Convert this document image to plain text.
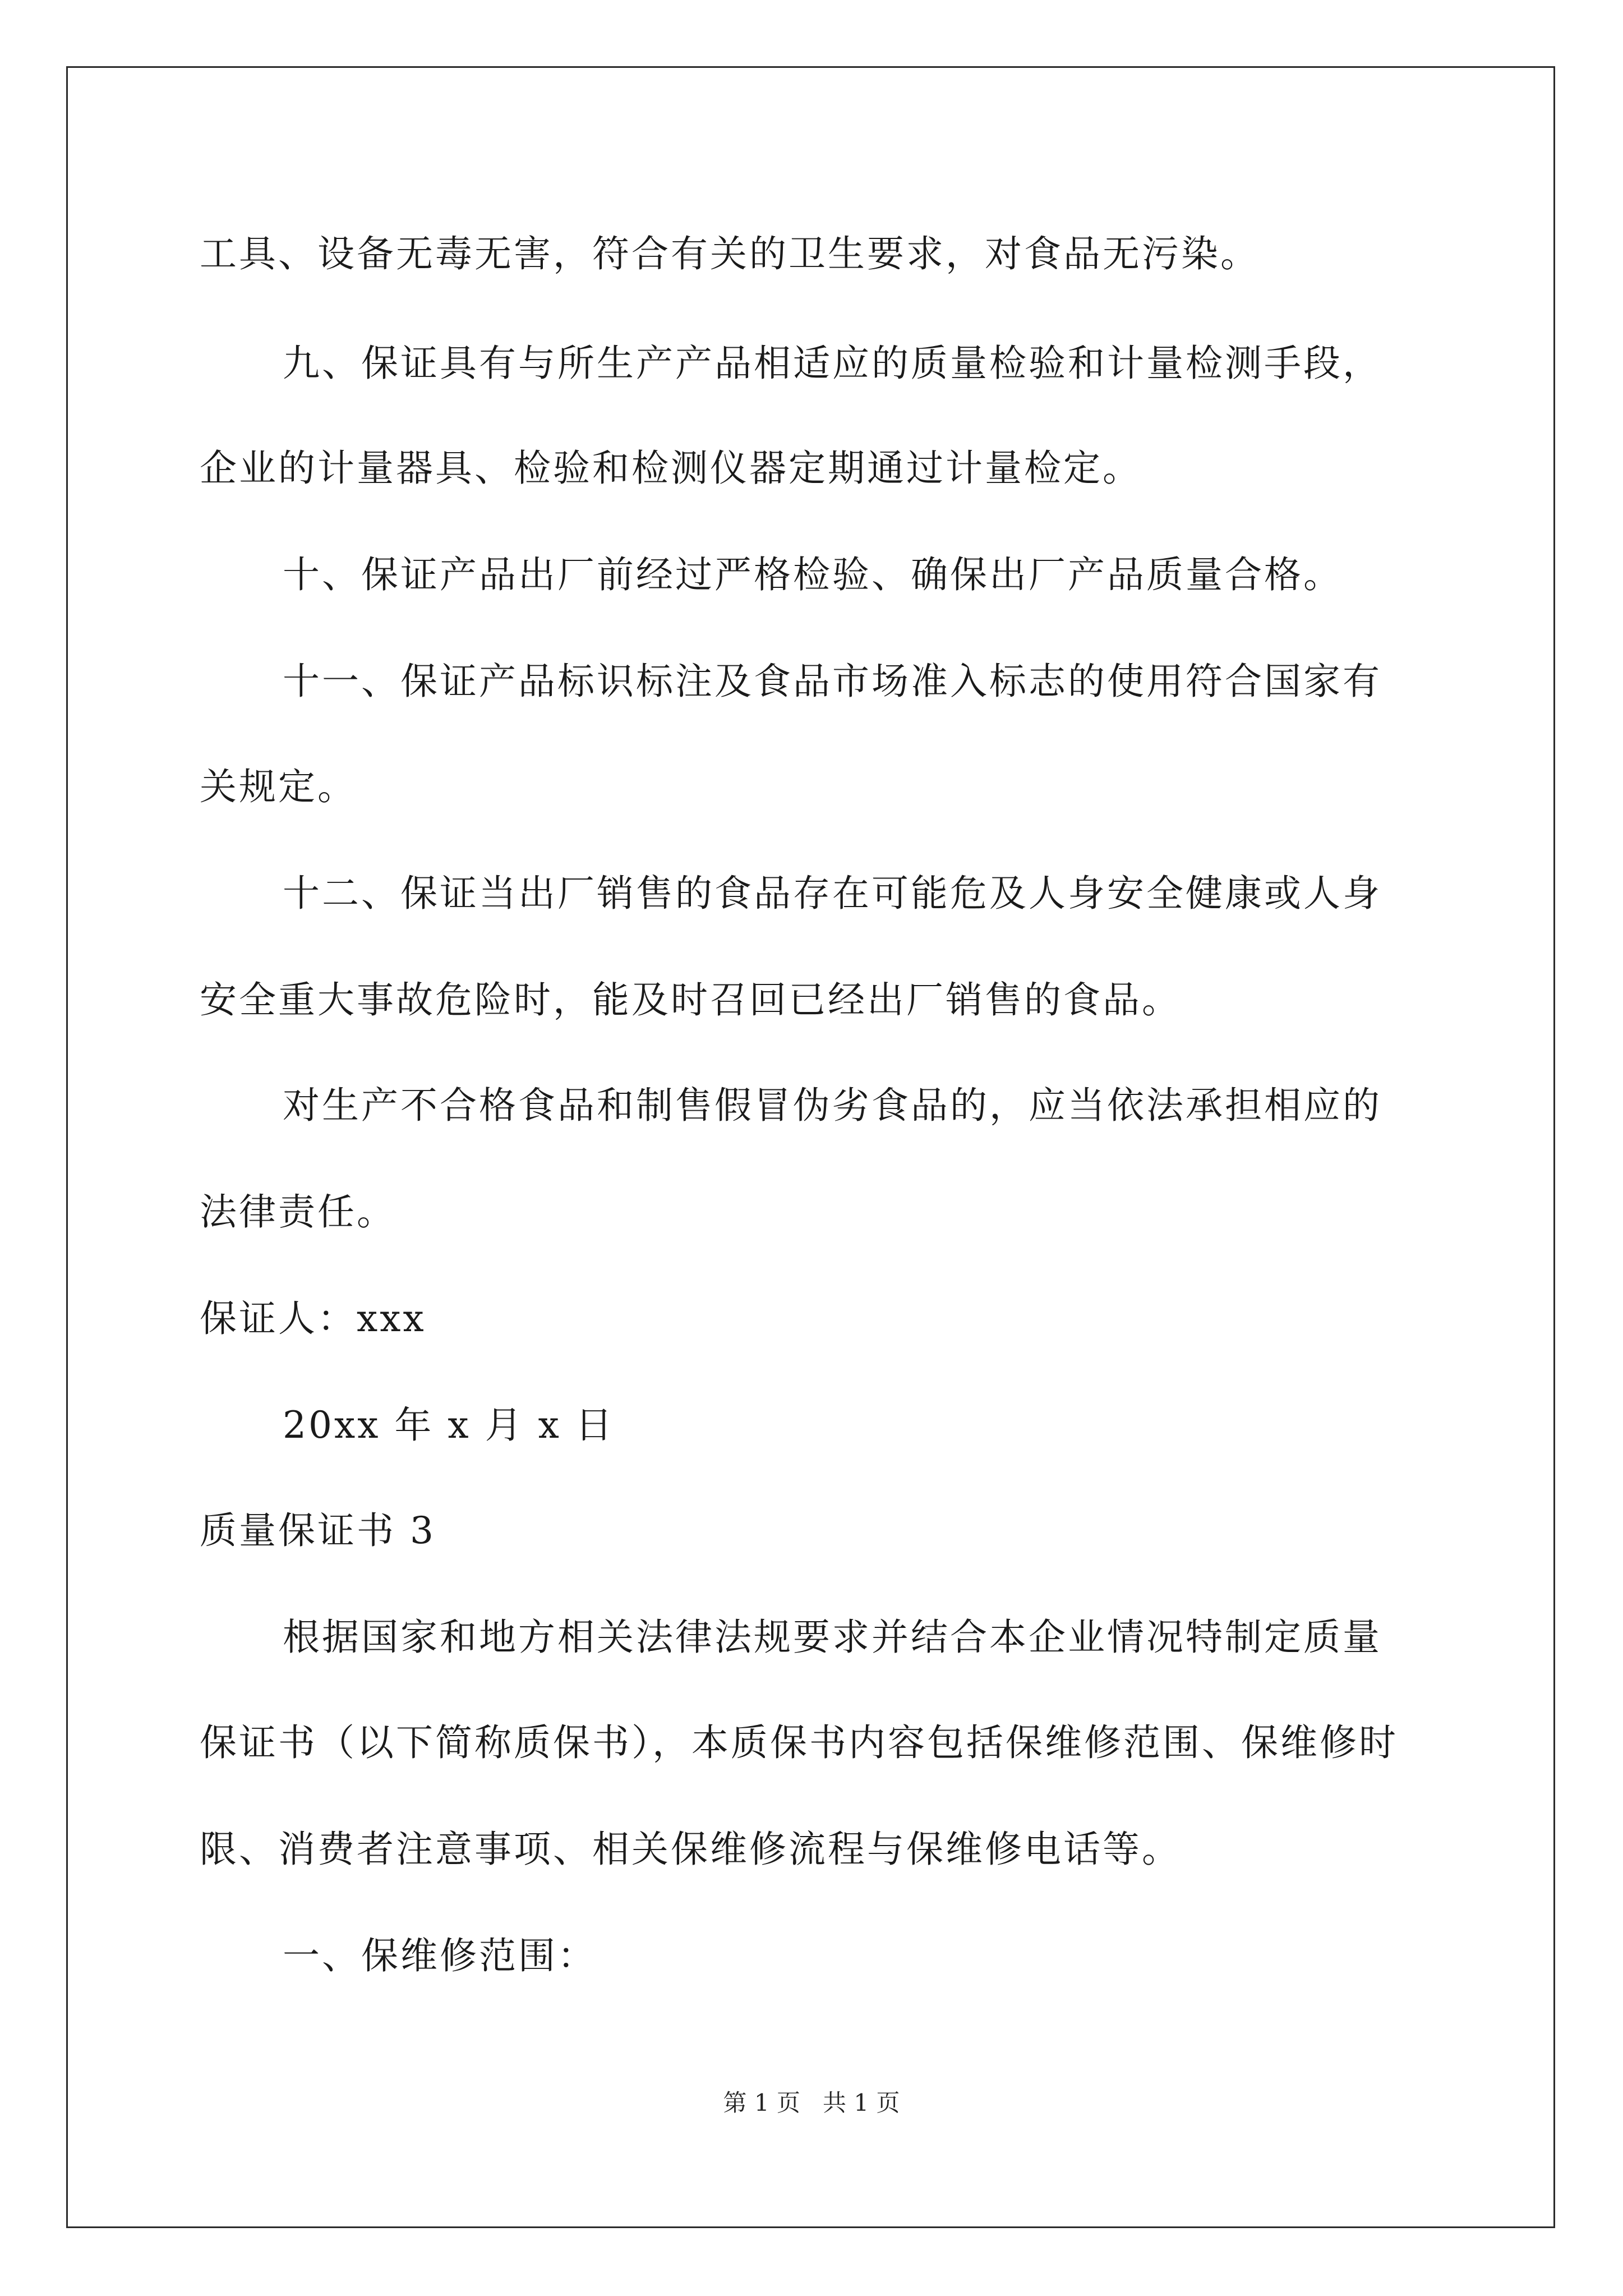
工具、设备无毒无害，符合有关的卫生要求，对食品无污染。
九、保证具有与所生产产品相适应的质量检验和计量检测手段，
企业的计量器具、检验和检测仪器定期通过计量检定。
十、保证产品出厂前经过严格检验、确保出厂产品质量合格。
十一、保证产品标识标注及食品市场准入标志的使用符合国家有
关规定。
十二、保证当出厂销售的食品存在可能危及人身安全健康或人身
安全重大事故危险时，能及时召回已经出厂销售的食品。
对生产不合格食品和制售假冒伪劣食品的，应当依法承担相应的
法律责任。
保证人：xxx
20xx 年 x 月 x 日
质量保证书 3
根据国家和地方相关法律法规要求并结合本企业情况特制定质量
保证书（以下简称质保书），本质保书内容包括保维修范围、保维修时
限、消费者注意事项、相关保维修流程与保维修电话等。
一、保维修范围：
第 1 页   共 1 页
